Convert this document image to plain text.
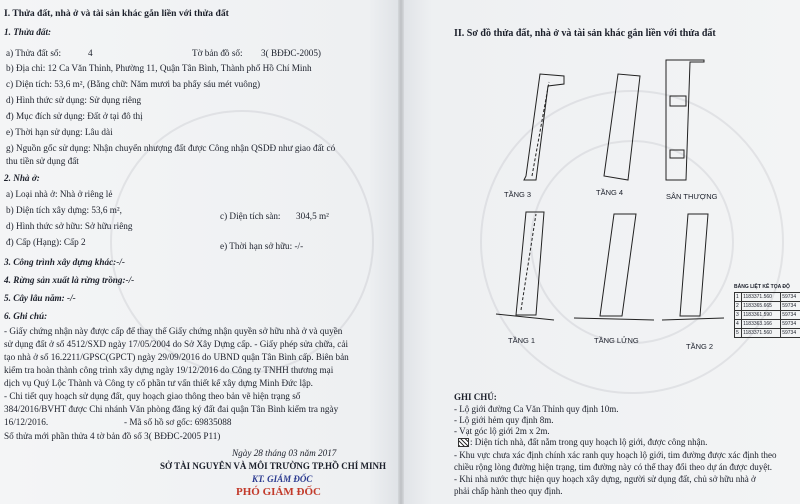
I. Thửa đất, nhà ở và tài sản khác gắn liền với thửa đất
1. Thửa đất:
a) Thửa đất số:	4	Tờ bản đồ số: 3( BĐĐC-2005)
b) Địa chỉ: 12 Ca Văn Thỉnh, Phường 11, Quận Tân Bình, Thành phố Hồ Chí Minh
c) Diện tích: 53,6 m², (Bằng chữ: Năm mươi ba phẩy sáu mét vuông)
d) Hình thức sử dụng: Sử dụng riêng
đ) Mục đích sử dụng: Đất ở tại đô thị
e) Thời hạn sử dụng: Lâu dài
g) Nguồn gốc sử dụng: Nhận chuyển nhượng đất được Công nhận QSDĐ như giao đất có
thu tiền sử dụng đất
2. Nhà ở:
a) Loại nhà ở: Nhà ở riêng lẻ
b) Diện tích xây dựng: 53,6 m²,
c) Diện tích sàn: 304,5 m²
d) Hình thức sở hữu: Sở hữu riêng
đ) Cấp (Hạng): Cấp 2	e) Thời hạn sở hữu: -/-
3. Công trình xây dựng khác:-/-
4. Rừng sản xuất là rừng trồng:-/-
5. Cây lâu năm: -/-
6. Ghi chú:
- Giấy chứng nhận này được cấp để thay thế Giấy chứng nhận quyền sở hữu nhà ở và quyền
sử dụng đất ở số 4512/SXD ngày 17/05/2004 do Sở Xây Dựng cấp. - Giấy phép sửa chữa, cải
tạo nhà ở số 16.2211/GPSC(GPCT) ngày 29/09/2016 do UBND quận Tân Bình cấp. Biên bản
kiểm tra hoàn thành công trình xây dựng ngày 19/12/2016 do Công ty TNHH thương mại
dịch vụ Quý Lộc Thành và Công ty cổ phần tư vấn thiết kế xây dựng Minh Đức lập.
- Chi tiết quy hoạch sử dụng đất, quy hoạch giao thông theo bản vẽ hiện trạng số
384/2016/BVHT được Chi nhánh Văn phòng đăng ký đất đai quận Tân Bình kiểm tra ngày
16/12/2016.	- Mã số hồ sơ gốc: 69835088
Số thửa mới phần thửa 4 tờ bản đồ số 3( BĐĐC-2005 P11)
Ngày 28 tháng 03 năm 2017
SỞ TÀI NGUYÊN VÀ MÔI TRƯỜNG TP.HỒ CHÍ MINH
KT. GIÁM ĐỐC
PHÓ GIÁM ĐỐC
II. Sơ đồ thửa đất, nhà ở và tài sản khác gắn liền với thửa đất
TẦNG 3	TẦNG 4	SÂN THƯỢNG
TẦNG 1	TẦNG LỬNG
TẦNG 2
BẢNG LIỆT KÊ TỌA ĐỘ
1	1183371.560	59734
2	1183365.665	59734
3	1183361.590	59734
4	1183363.166	59734
5	1183371.560	59734
GHI CHÚ:
- Lộ giới đường Ca Văn Thỉnh quy định 10m.
- Lộ giới hẻm quy định 8m.
- Vạt góc lộ giới 2m x 2m.
: Diện tích nhà, đất nằm trong quy hoạch lộ giới, được công nhận.
- Khu vực chưa xác định chính xác ranh quy hoạch lộ giới, tim đường được xác định theo
chiều rộng lòng đường hiện trạng, tim đường này có thể thay đổi theo dự án được duyệt.
- Khi nhà nước thực hiện quy hoạch xây dựng, người sử dụng đất, chủ sở hữu nhà ở
phải chấp hành theo quy định.
